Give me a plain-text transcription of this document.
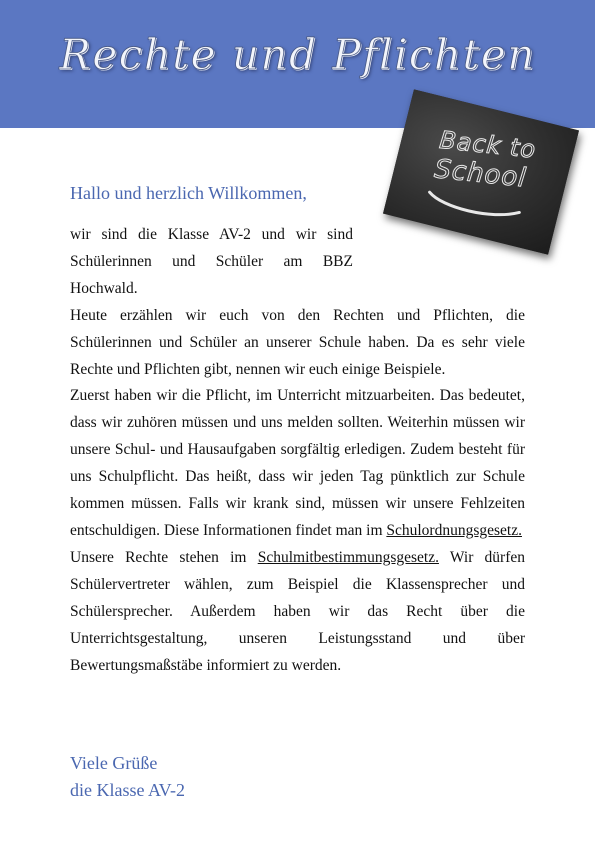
Rechte und Pflichten

Back to

School

Hallo und herzlich Willkommen,

wir sind die Klasse AV-2 und wir sind Schülerinnen und Schüler am BBZ Hochwald.

Heute erzählen wir euch von den Rechten und Pflichten, die Schülerinnen und Schüler an unserer Schule haben. Da es sehr viele Rechte und Pflichten gibt, nennen wir euch einige Beispiele.

Zuerst haben wir die Pflicht, im Unterricht mitzuarbeiten. Das bedeutet, dass wir zuhören müssen und uns melden sollten. Weiterhin müssen wir unsere Schul- und Hausaufgaben sorgfältig erledigen. Zudem besteht für uns Schulpflicht. Das heißt, dass wir jeden Tag pünktlich zur Schule kommen müssen. Falls wir krank sind, müssen wir unsere Fehlzeiten entschuldigen. Diese Informationen findet man im Schulordnungsgesetz.

Unsere Rechte stehen im Schulmitbestimmungsgesetz. Wir dürfen Schülervertreter wählen, zum Beispiel die Klassensprecher und Schülersprecher. Außerdem haben wir das Recht über die Unterrichtsgestaltung, unseren Leistungsstand und über Bewertungsmaßstäbe informiert zu werden.

Viele Grüße
die Klasse AV-2
